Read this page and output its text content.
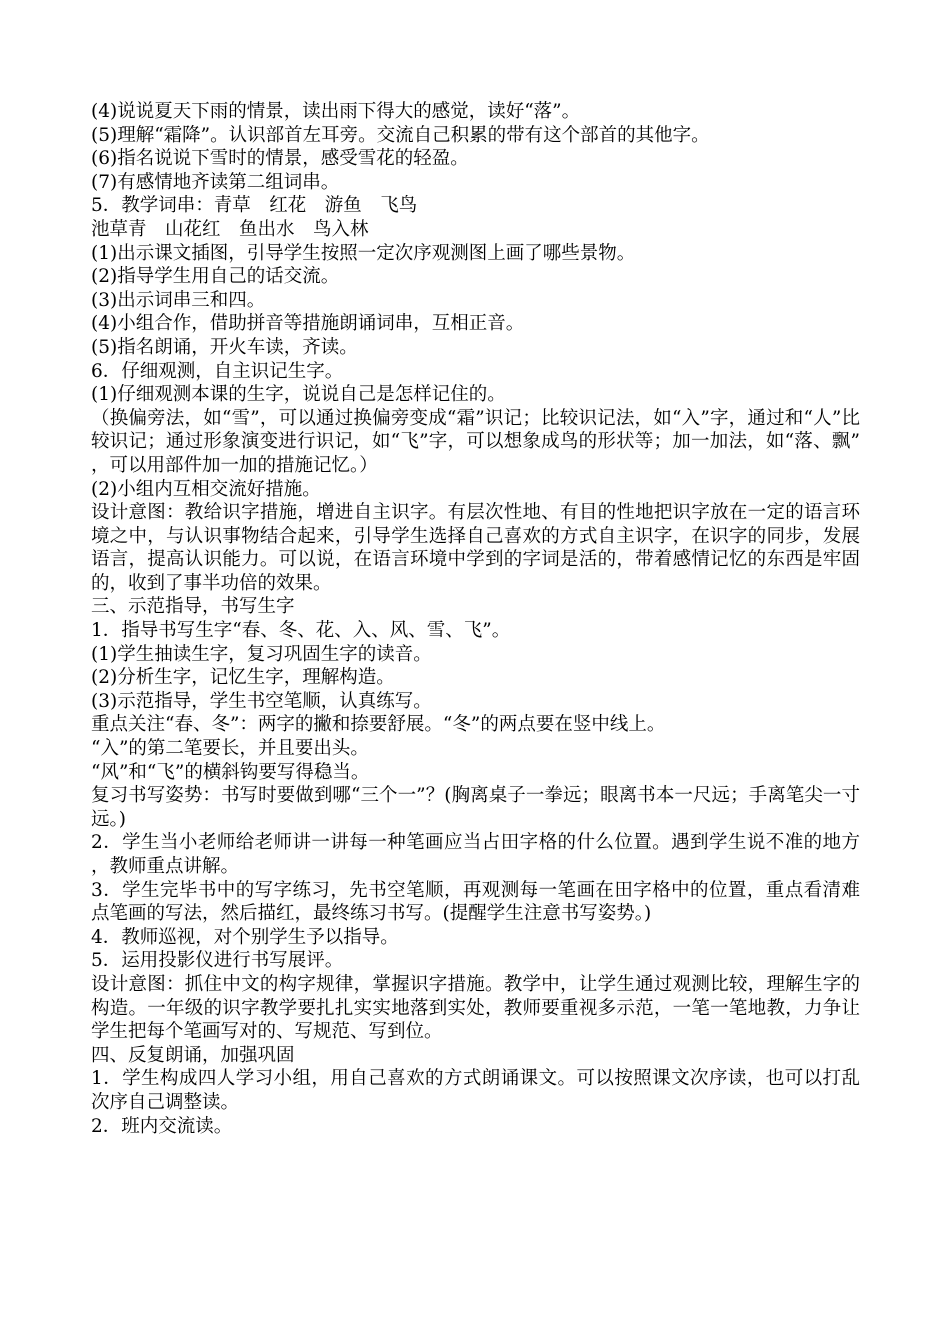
(4)说说夏天下雨的情景，读出雨下得大的感觉，读好“落”。
(5)理解“霜降”。认识部首左耳旁。交流自己积累的带有这个部首的其他字。
(6)指名说说下雪时的情景，感受雪花的轻盈。
(7)有感情地齐读第二组词串。
5．教学词串：青草　红花　游鱼　飞鸟
池草青　山花红　鱼出水　鸟入林
(1)出示课文插图，引导学生按照一定次序观测图上画了哪些景物。
(2)指导学生用自己的话交流。
(3)出示词串三和四。
(4)小组合作，借助拼音等措施朗诵词串，互相正音。
(5)指名朗诵，开火车读，齐读。
6．仔细观测，自主识记生字。
(1)仔细观测本课的生字，说说自己是怎样记住的。
（换偏旁法，如“雪”，可以通过换偏旁变成“霜”识记；比较识记法，如“入”字，通过和“人”比较识记；通过形象演变进行识记，如“飞”字，可以想象成鸟的形状等；加一加法，如“落、飘”，可以用部件加一加的措施记忆。）
(2)小组内互相交流好措施。
设计意图：教给识字措施，增进自主识字。有层次性地、有目的性地把识字放在一定的语言环境之中，与认识事物结合起来，引导学生选择自己喜欢的方式自主识字，在识字的同步，发展语言，提高认识能力。可以说，在语言环境中学到的字词是活的，带着感情记忆的东西是牢固的，收到了事半功倍的效果。
三、示范指导，书写生字
1．指导书写生字“春、冬、花、入、风、雪、飞”。
(1)学生抽读生字，复习巩固生字的读音。
(2)分析生字，记忆生字，理解构造。
(3)示范指导，学生书空笔顺，认真练写。
重点关注“春、冬”：两字的撇和捺要舒展。“冬”的两点要在竖中线上。
“入”的第二笔要长，并且要出头。
“风”和“飞”的横斜钩要写得稳当。
复习书写姿势：书写时要做到哪“三个一”？(胸离桌子一拳远；眼离书本一尺远；手离笔尖一寸远。)
2．学生当小老师给老师讲一讲每一种笔画应当占田字格的什么位置。遇到学生说不准的地方，教师重点讲解。
3．学生完毕书中的写字练习，先书空笔顺，再观测每一笔画在田字格中的位置，重点看清难点笔画的写法，然后描红，最终练习书写。(提醒学生注意书写姿势。)
4．教师巡视，对个别学生予以指导。
5．运用投影仪进行书写展评。
设计意图：抓住中文的构字规律，掌握识字措施。教学中，让学生通过观测比较，理解生字的构造。一年级的识字教学要扎扎实实地落到实处，教师要重视多示范，一笔一笔地教，力争让学生把每个笔画写对的、写规范、写到位。
四、反复朗诵，加强巩固
1．学生构成四人学习小组，用自己喜欢的方式朗诵课文。可以按照课文次序读，也可以打乱次序自己调整读。
2．班内交流读。
